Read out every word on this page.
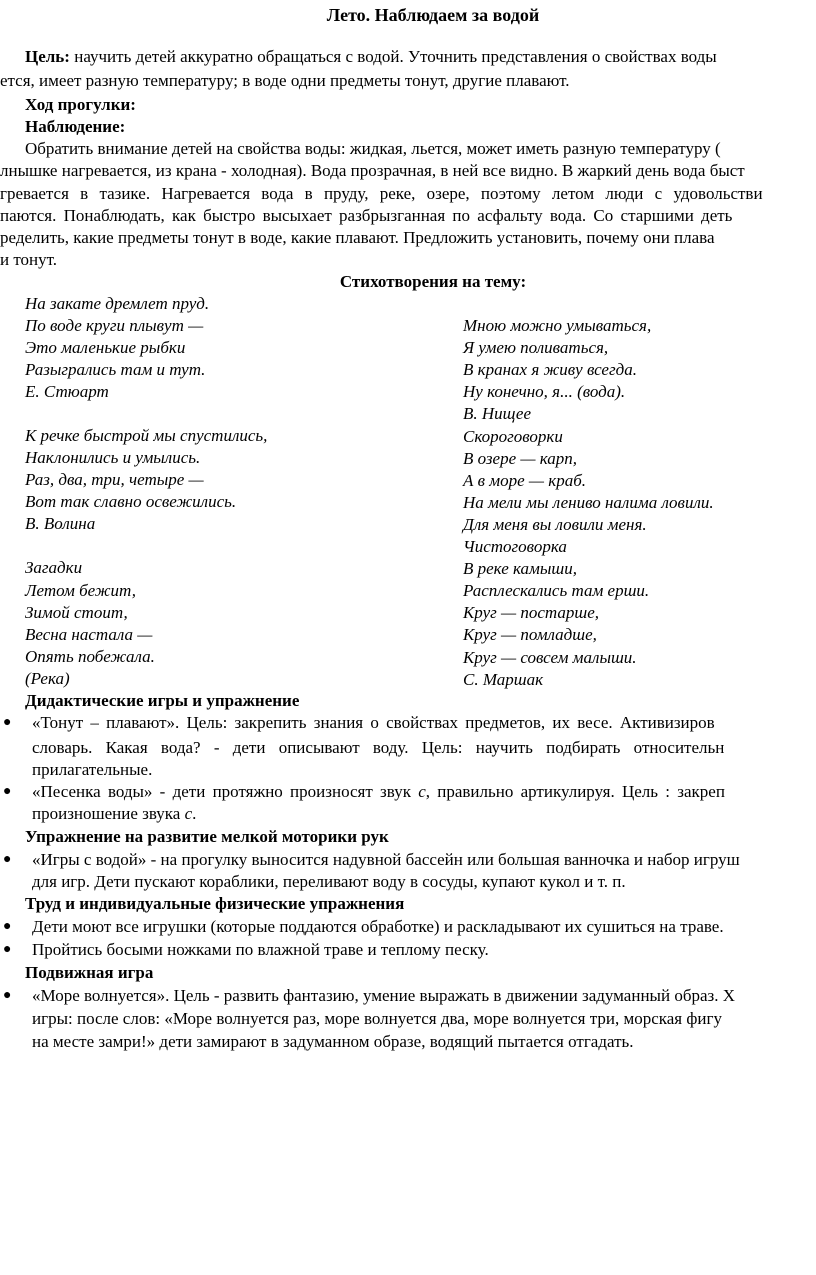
Лето. Наблюдаем за водой
Цель: научить детей аккуратно обращаться с водой. Уточнить представления о свойствах воды
ется, имеет разную температуру; в воде одни предметы тонут, другие плавают.
Ход прогулки:
Наблюдение:
Обратить внимание детей на свойства воды: жидкая, льется, может иметь разную температуру (
лнышке нагревается, из крана - холодная). Вода прозрачная, в ней все видно. В жаркий день вода быст
гревается в тазике. Нагревается вода в пруду, реке, озере, поэтому летом люди с удовольстви
паются. Понаблюдать, как быстро высыхает разбрызганная по асфальту вода. Со старшими деть
ределить, какие предметы тонут в воде, какие плавают. Предложить установить, почему они плава
и тонут.
Стихотворения на тему:
На закате дремлет пруд.
По воде круги плывут —
Это маленькие рыбки
Разыгрались там и тут.
Е. Стюарт
К речке быстрой мы спустились,
Наклонились и умылись.
Раз, два, три, четыре —
Вот так славно освежились.
В. Волина
Загадки
Летом бежит,
Зимой стоит,
Весна настала —
Опять побежала.
(Река)
Мною можно умываться,
Я умею поливаться,
В кранах я живу всегда.
Ну конечно, я... (вода).
В. Нищее
Скороговорки
В озере — карп,
А в море — краб.
На мели мы лениво налима ловили.
Для меня вы ловили меня.
Чистоговорка
В реке камыши,
Расплескались там ерши.
Круг — постарше,
Круг — помладше,
Круг — совсем малыши.
С. Маршак
Дидактические игры и упражнение
● «Тонут – плавают». Цель: закрепить знания о свойствах предметов, их весе. Активизиров
словарь. Какая вода? - дети описывают воду. Цель: научить подбирать относительн
прилагательные.
● «Песенка воды» - дети протяжно произносят звук с, правильно артикулируя. Цель : закреп
произношение звука с.
Упражнение на развитие мелкой моторики рук
● «Игры с водой» - на прогулку выносится надувной бассейн или большая ванночка и набор игруш
для игр. Дети пускают кораблики, переливают воду в сосуды, купают кукол и т. п.
Труд и индивидуальные физические упражнения
● Дети моют все игрушки (которые поддаются обработке) и раскладывают их сушиться на траве.
● Пройтись босыми ножками по влажной траве и теплому песку.
Подвижная игра
● «Море волнуется». Цель - развить фантазию, умение выражать в движении задуманный образ. Х
игры: после слов: «Море волнуется раз, море волнуется два, море волнуется три, морская фигу
на месте замри!» дети замирают в задуманном образе, водящий пытается отгадать.
